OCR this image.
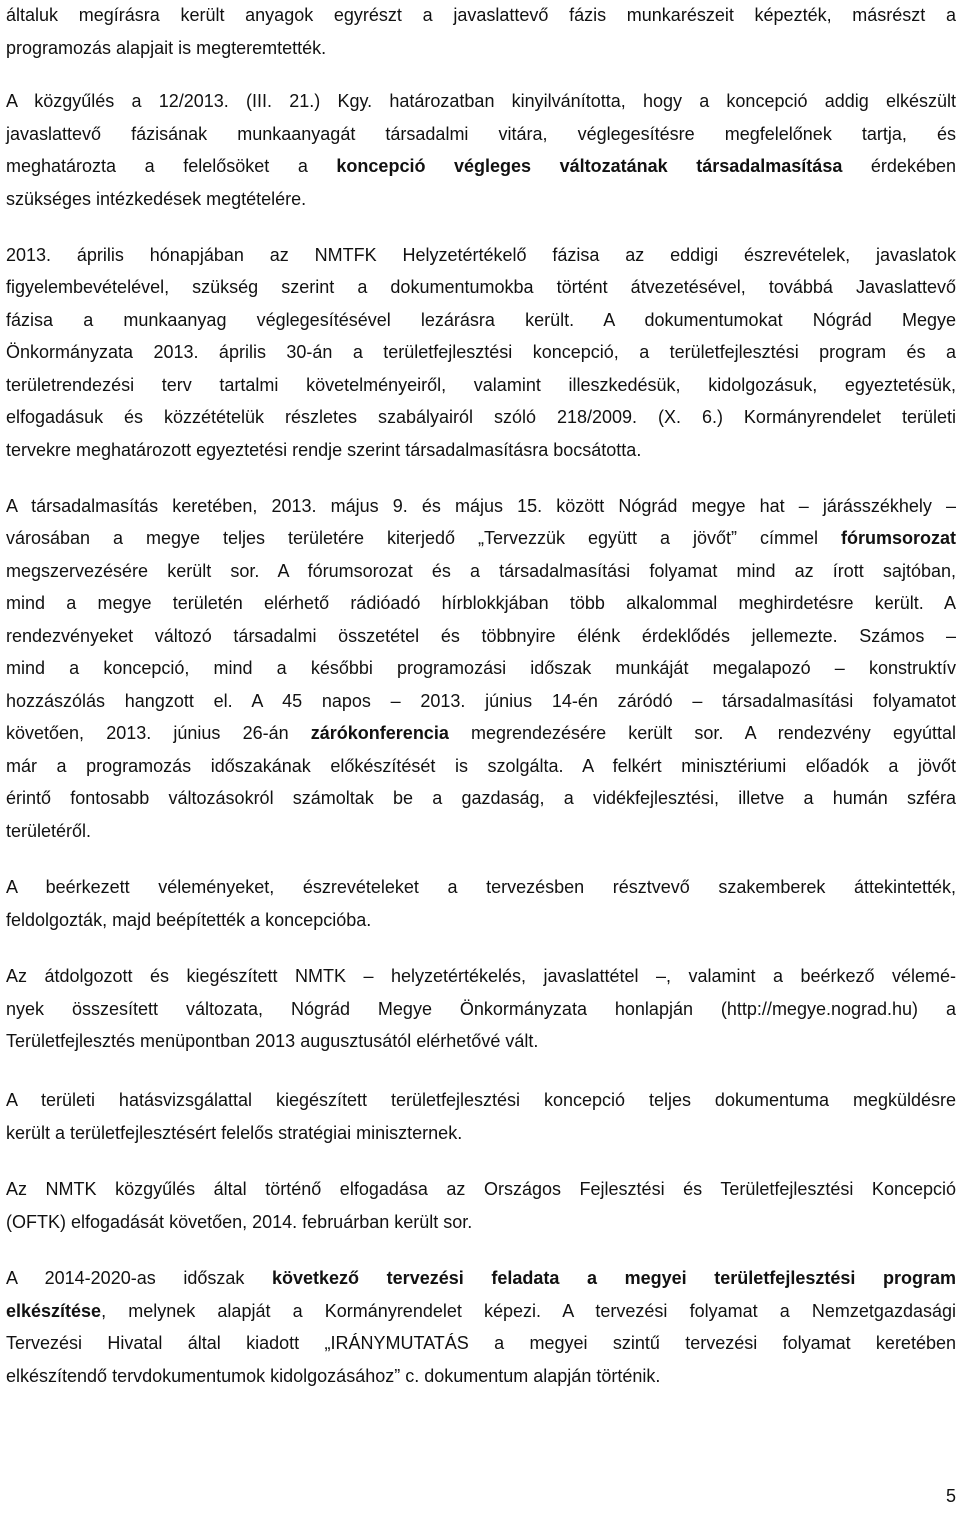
általuk megírásra került anyagok egyrészt a javaslattevő fázis munkarészeit képezték, másrészt a
programozás alapjait is megteremtették.
A közgyűlés a 12/2013. (III. 21.) Kgy. határozatban kinyilvánította, hogy a koncepció addig elkészült
javaslattevő fázisának munkaanyagát társadalmi vitára, véglegesítésre megfelelőnek tartja, és
meghatározta a felelősöket a koncepció végleges változatának társadalmasítása érdekében
szükséges intézkedések megtételére.
2013. április hónapjában az NMTFK Helyzetértékelő fázisa az eddigi észrevételek, javaslatok
figyelembevételével, szükség szerint a dokumentumokba történt átvezetésével, továbbá Javaslattevő
fázisa a munkaanyag véglegesítésével lezárásra került. A dokumentumokat Nógrád Megye
Önkormányzata 2013. április 30-án a területfejlesztési koncepció, a területfejlesztési program és a
területrendezési terv tartalmi követelményeiről, valamint illeszkedésük, kidolgozásuk, egyeztetésük,
elfogadásuk és közzétételük részletes szabályairól szóló 218/2009. (X. 6.) Kormányrendelet területi
tervekre meghatározott egyeztetési rendje szerint társadalmasításra bocsátotta.
A társadalmasítás keretében, 2013. május 9. és május 15. között Nógrád megye hat – járásszékhely –
városában a megye teljes területére kiterjedő „Tervezzük együtt a jövőt” címmel fórumsorozat
megszervezésére került sor. A fórumsorozat és a társadalmasítási folyamat mind az írott sajtóban,
mind a megye területén elérhető rádióadó hírblokkjában több alkalommal meghirdetésre került. A
rendezvényeket változó társadalmi összetétel és többnyire élénk érdeklődés jellemezte. Számos –
mind a koncepció, mind a későbbi programozási időszak munkáját megalapozó – konstruktív
hozzászólás hangzott el. A 45 napos – 2013. június 14-én záródó – társadalmasítási folyamatot
követően, 2013. június 26-án zárókonferencia megrendezésére került sor. A rendezvény egyúttal
már a programozás időszakának előkészítését is szolgálta. A felkért minisztériumi előadók a jövőt
érintő fontosabb változásokról számoltak be a gazdaság, a vidékfejlesztési, illetve a humán szféra
területéről.
A beérkezett véleményeket, észrevételeket a tervezésben résztvevő szakemberek áttekintették,
feldolgozták, majd beépítették a koncepcióba.
Az átdolgozott és kiegészített NMTK – helyzetértékelés, javaslattétel –, valamint a beérkező vélemé-
nyek összesített változata, Nógrád Megye Önkormányzata honlapján (http://megye.nograd.hu) a
Területfejlesztés menüpontban 2013 augusztusától elérhetővé vált.
A területi hatásvizsgálattal kiegészített területfejlesztési koncepció teljes dokumentuma megküldésre
került a területfejlesztésért felelős stratégiai miniszternek.
Az NMTK közgyűlés által történő elfogadása az Országos Fejlesztési és Területfejlesztési Koncepció
(OFTK) elfogadását követően, 2014. februárban került sor.
A 2014-2020-as időszak következő tervezési feladata a megyei területfejlesztési program
elkészítése, melynek alapját a Kormányrendelet képezi. A tervezési folyamat a Nemzetgazdasági
Tervezési Hivatal által kiadott „IRÁNYMUTATÁS a megyei szintű tervezési folyamat keretében
elkészítendő tervdokumentumok kidolgozásához” c. dokumentum alapján történik.
5
